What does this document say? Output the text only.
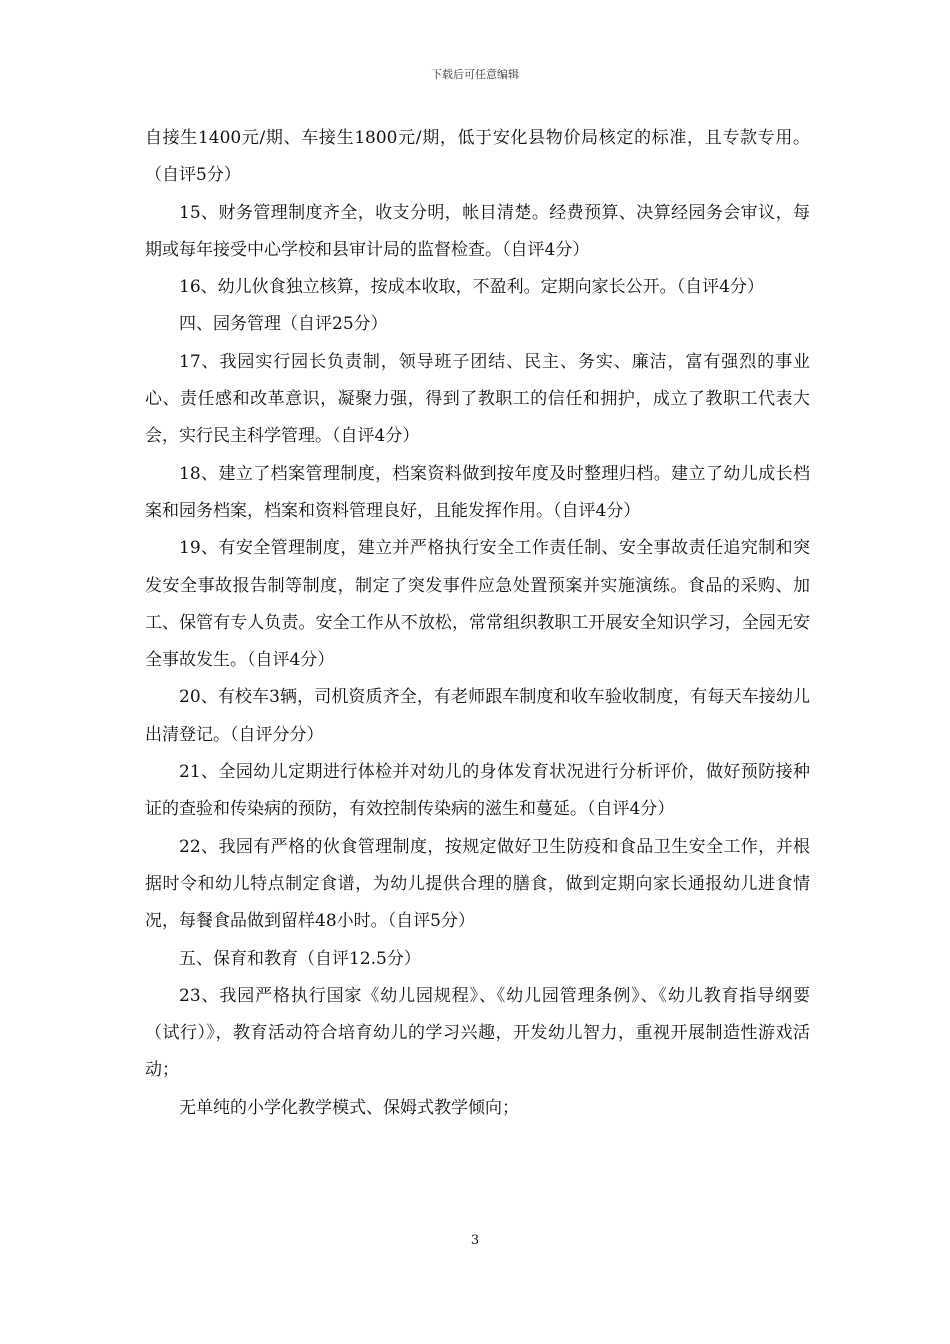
下载后可任意编辑

自接生1400元/期、车接生1800元/期，低于安化县物价局核定的标准，且专款专用。（自评5分）

15、财务管理制度齐全，收支分明，帐目清楚。经费预算、决算经园务会审议，每期或每年接受中心学校和县审计局的监督检查。（自评4分）

16、幼儿伙食独立核算，按成本收取，不盈利。定期向家长公开。（自评4分）

四、园务管理（自评25分）

17、我园实行园长负责制，领导班子团结、民主、务实、廉洁，富有强烈的事业心、责任感和改革意识，凝聚力强，得到了教职工的信任和拥护，成立了教职工代表大会，实行民主科学管理。（自评4分）

18、建立了档案管理制度，档案资料做到按年度及时整理归档。建立了幼儿成长档案和园务档案，档案和资料管理良好，且能发挥作用。（自评4分）

19、有安全管理制度，建立并严格执行安全工作责任制、安全事故责任追究制和突发安全事故报告制等制度，制定了突发事件应急处置预案并实施演练。食品的采购、加工、保管有专人负责。安全工作从不放松，常常组织教职工开展安全知识学习，全园无安全事故发生。（自评4分）

20、有校车3辆，司机资质齐全，有老师跟车制度和收车验收制度，有每天车接幼儿出清登记。（自评分分）

21、全园幼儿定期进行体检并对幼儿的身体发育状况进行分析评价，做好预防接种证的查验和传染病的预防，有效控制传染病的滋生和蔓延。（自评4分）

22、我园有严格的伙食管理制度，按规定做好卫生防疫和食品卫生安全工作，并根据时令和幼儿特点制定食谱，为幼儿提供合理的膳食，做到定期向家长通报幼儿进食情况，每餐食品做到留样48小时。（自评5分）

五、保育和教育（自评12.5分）

23、我园严格执行国家《幼儿园规程》、《幼儿园管理条例》、《幼儿教育指导纲要（试行）》，教育活动符合培育幼儿的学习兴趣，开发幼儿智力，重视开展制造性游戏活动；

无单纯的小学化教学模式、保姆式教学倾向；

3
